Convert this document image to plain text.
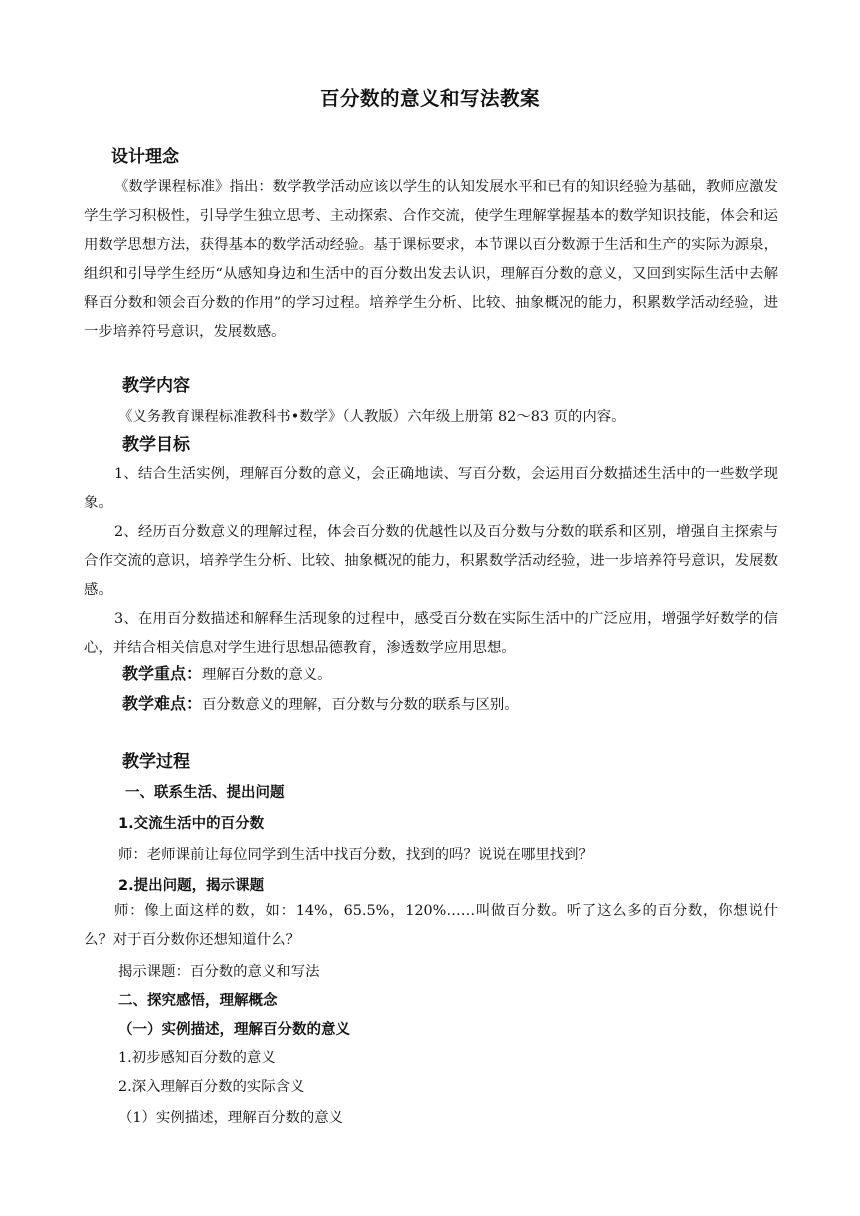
百分数的意义和写法教案
设计理念
《数学课程标准》指出：数学教学活动应该以学生的认知发展水平和已有的知识经验为基础，教师应激发学生学习积极性，引导学生独立思考、主动探索、合作交流，使学生理解掌握基本的数学知识技能，体会和运用数学思想方法，获得基本的数学活动经验。基于课标要求，本节课以百分数源于生活和生产的实际为源泉，组织和引导学生经历“从感知身边和生活中的百分数出发去认识，理解百分数的意义，又回到实际生活中去解释百分数和领会百分数的作用”的学习过程。培养学生分析、比较、抽象概况的能力，积累数学活动经验，进一步培养符号意识，发展数感。
教学内容
《义务教育课程标准教科书•数学》（人教版）六年级上册第 82～83 页的内容。
教学目标
1、结合生活实例，理解百分数的意义，会正确地读、写百分数，会运用百分数描述生活中的一些数学现象。
2、经历百分数意义的理解过程，体会百分数的优越性以及百分数与分数的联系和区别，增强自主探索与合作交流的意识，培养学生分析、比较、抽象概况的能力，积累数学活动经验，进一步培养符号意识，发展数感。
3、在用百分数描述和解释生活现象的过程中，感受百分数在实际生活中的广泛应用，增强学好数学的信心，并结合相关信息对学生进行思想品德教育，渗透数学应用思想。
教学重点：理解百分数的意义。
教学难点：百分数意义的理解，百分数与分数的联系与区别。
教学过程
一、联系生活、提出问题
1.交流生活中的百分数
师：老师课前让每位同学到生活中找百分数，找到的吗？说说在哪里找到？
2.提出问题，揭示课题
师：像上面这样的数，如：14%，65.5%，120%……叫做百分数。听了这么多的百分数，你想说什么？对于百分数你还想知道什么？
揭示课题：百分数的意义和写法
二、探究感悟，理解概念
（一）实例描述，理解百分数的意义
1.初步感知百分数的意义
2.深入理解百分数的实际含义
（1）实例描述，理解百分数的意义
